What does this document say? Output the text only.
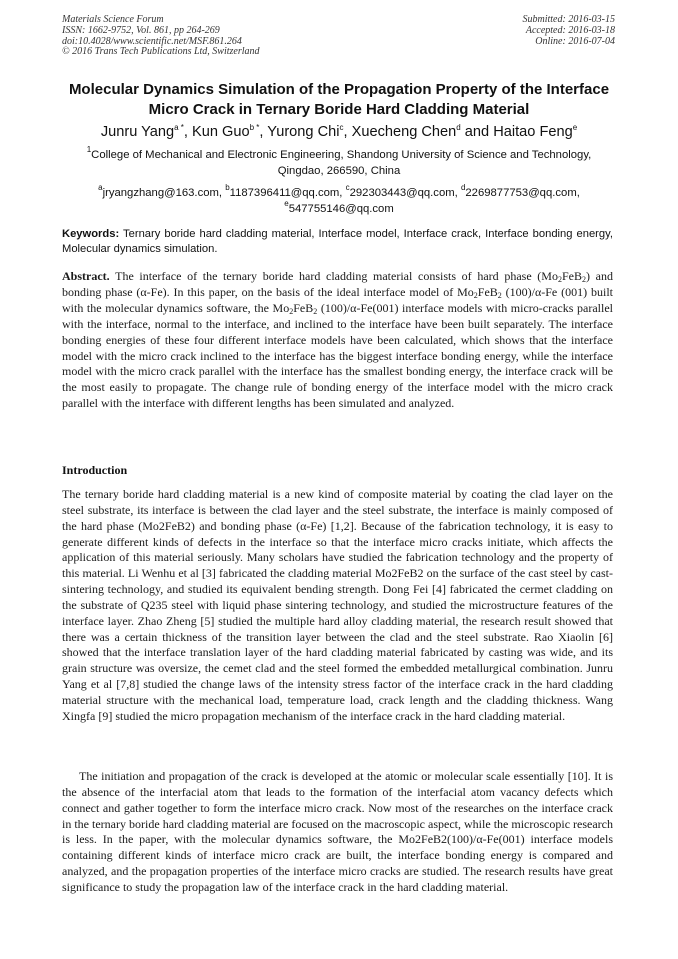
Materials Science Forum
ISSN: 1662-9752, Vol. 861, pp 264-269
doi:10.4028/www.scientific.net/MSF.861.264
© 2016 Trans Tech Publications Ltd, Switzerland
Submitted: 2016-03-15
Accepted: 2016-03-18
Online: 2016-07-04
Molecular Dynamics Simulation of the Propagation Property of the Interface Micro Crack in Ternary Boride Hard Cladding Material
Junru Yang$^{a *}$, Kun Guo$^{b *}$, Yurong Chi$^c$, Xuecheng Chen$^d$ and Haitao Feng$^e$
$^1$College of Mechanical and Electronic Engineering, Shandong University of Science and Technology, Qingdao, 266590, China
$^a$jryangzhang@163.com, $^b$1187396411@qq.com, $^c$292303443@qq.com, $^d$2269877753@qq.com, $^e$547755146@qq.com
Keywords: Ternary boride hard cladding material, Interface model, Interface crack, Interface bonding energy, Molecular dynamics simulation.
Abstract. The interface of the ternary boride hard cladding material consists of hard phase $(Mo_2FeB_2)$ and bonding phase (α-Fe). In this paper, on the basis of the ideal interface model of $Mo_2FeB_2$ (100)/α-Fe (001) built with the molecular dynamics software, the $Mo_2FeB_2$ (100)/α-Fe(001) interface models with micro-cracks parallel with the interface, normal to the interface, and inclined to the interface have been built separately. The interface bonding energies of these four different interface models have been calculated, which shows that the interface model with the micro crack inclined to the interface has the biggest interface bonding energy, while the interface model with the micro crack parallel with the interface has the smallest bonding energy, the interface crack will be the most easily to propagate. The change rule of bonding energy of the interface model with the micro crack parallel with the interface with different lengths has been simulated and analyzed.
Introduction
The ternary boride hard cladding material is a new kind of composite material by coating the clad layer on the steel substrate, its interface is between the clad layer and the steel substrate, the interface is mainly composed of the hard phase (Mo2FeB2) and bonding phase (α-Fe) [1,2]. Because of the fabrication technology, it is easy to generate different kinds of defects in the interface so that the interface micro cracks initiate, which affects the application of this material seriously. Many scholars have studied the fabrication technology and the property of this material. Li Wenhu et al [3] fabricated the cladding material Mo2FeB2 on the surface of the cast steel by cast-sintering technology, and studied its equivalent bending strength. Dong Fei [4] fabricated the cermet cladding on the substrate of Q235 steel with liquid phase sintering technology, and studied the microstructure features of the interface layer. Zhao Zheng [5] studied the multiple hard alloy cladding material, the research result showed that there was a certain thickness of the transition layer between the clad and the steel substrate. Rao Xiaolin [6] showed that the interface translation layer of the hard cladding material fabricated by casting was wide, and its grain structure was oversize, the cemet clad and the steel formed the embedded metallurgical combination. Junru Yang et al [7,8] studied the change laws of the intensity stress factor of the interface crack in the hard cladding material structure with the mechanical load, temperature load, crack length and the cladding thickness. Wang Xingfa [9] studied the micro propagation mechanism of the interface crack in the hard cladding material.
The initiation and propagation of the crack is developed at the atomic or molecular scale essentially [10]. It is the absence of the interfacial atom that leads to the formation of the interfacial atom vacancy defects which connect and gather together to form the interface micro crack. Now most of the researches on the interface crack in the ternary boride hard cladding material are focused on the macroscopic aspect, while the microscopic research is less. In the paper, with the molecular dynamics software, the Mo2FeB2(100)/α-Fe(001) interface models containing different kinds of interface micro crack are built, the interface bonding energy is compared and analyzed, and the propagation properties of the interface micro cracks are studied. The research results have great significance to study the propagation law of the interface crack in the hard cladding material.
